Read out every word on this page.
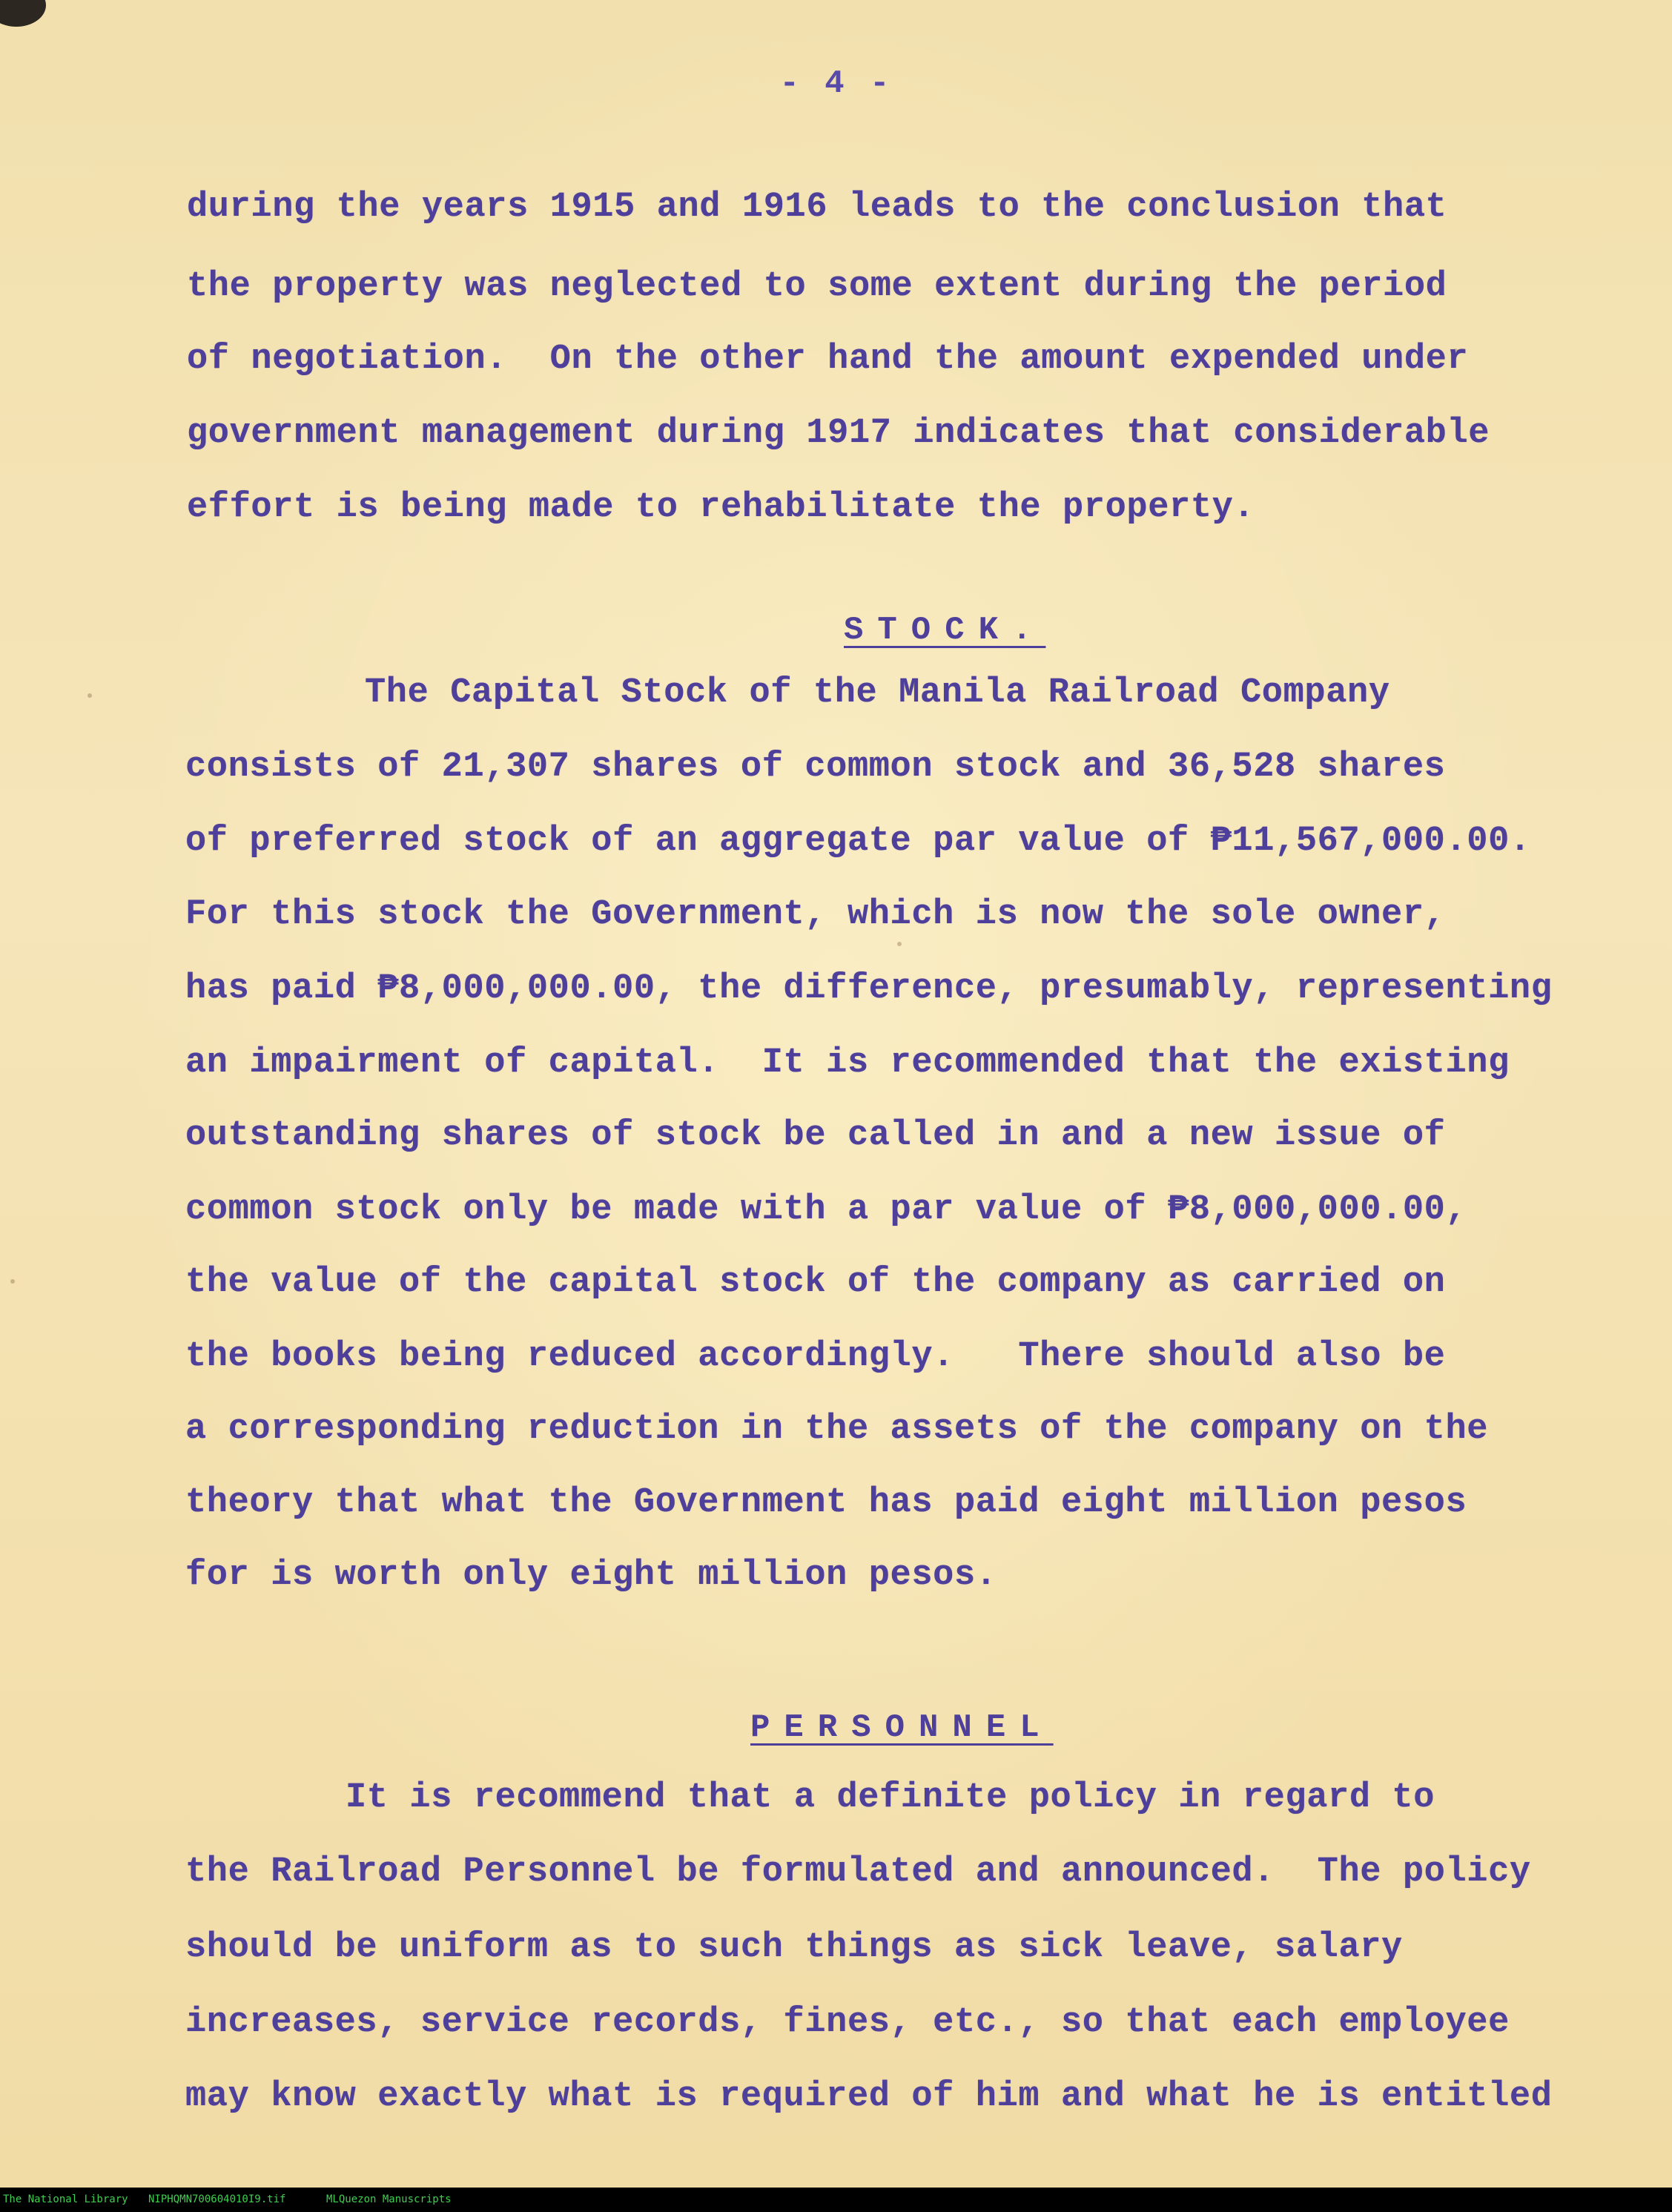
- 4 -
during the years 1915 and 1916 leads to the conclusion that
the property was neglected to some extent during the period
of negotiation.  On the other hand the amount expended under
government management during 1917 indicates that considerable
effort is being made to rehabilitate the property.
STOCK.
The Capital Stock of the Manila Railroad Company
consists of 21,307 shares of common stock and 36,528 shares
of preferred stock of an aggregate par value of ₱11,567,000.00.
For this stock the Government, which is now the sole owner,
has paid ₱8,000,000.00, the difference, presumably, representing
an impairment of capital.  It is recommended that the existing
outstanding shares of stock be called in and a new issue of
common stock only be made with a par value of ₱8,000,000.00,
the value of the capital stock of the company as carried on
the books being reduced accordingly.   There should also be
a corresponding reduction in the assets of the company on the
theory that what the Government has paid eight million pesos
for is worth only eight million pesos.
PERSONNEL
It is recommend that a definite policy in regard to
the Railroad Personnel be formulated and announced.  The policy
should be uniform as to such things as sick leave, salary
increases, service records, fines, etc., so that each employee
may know exactly what is required of him and what he is entitled
The National Library NIPHQMN700604010I9.tif	MLQuezon Manuscripts
